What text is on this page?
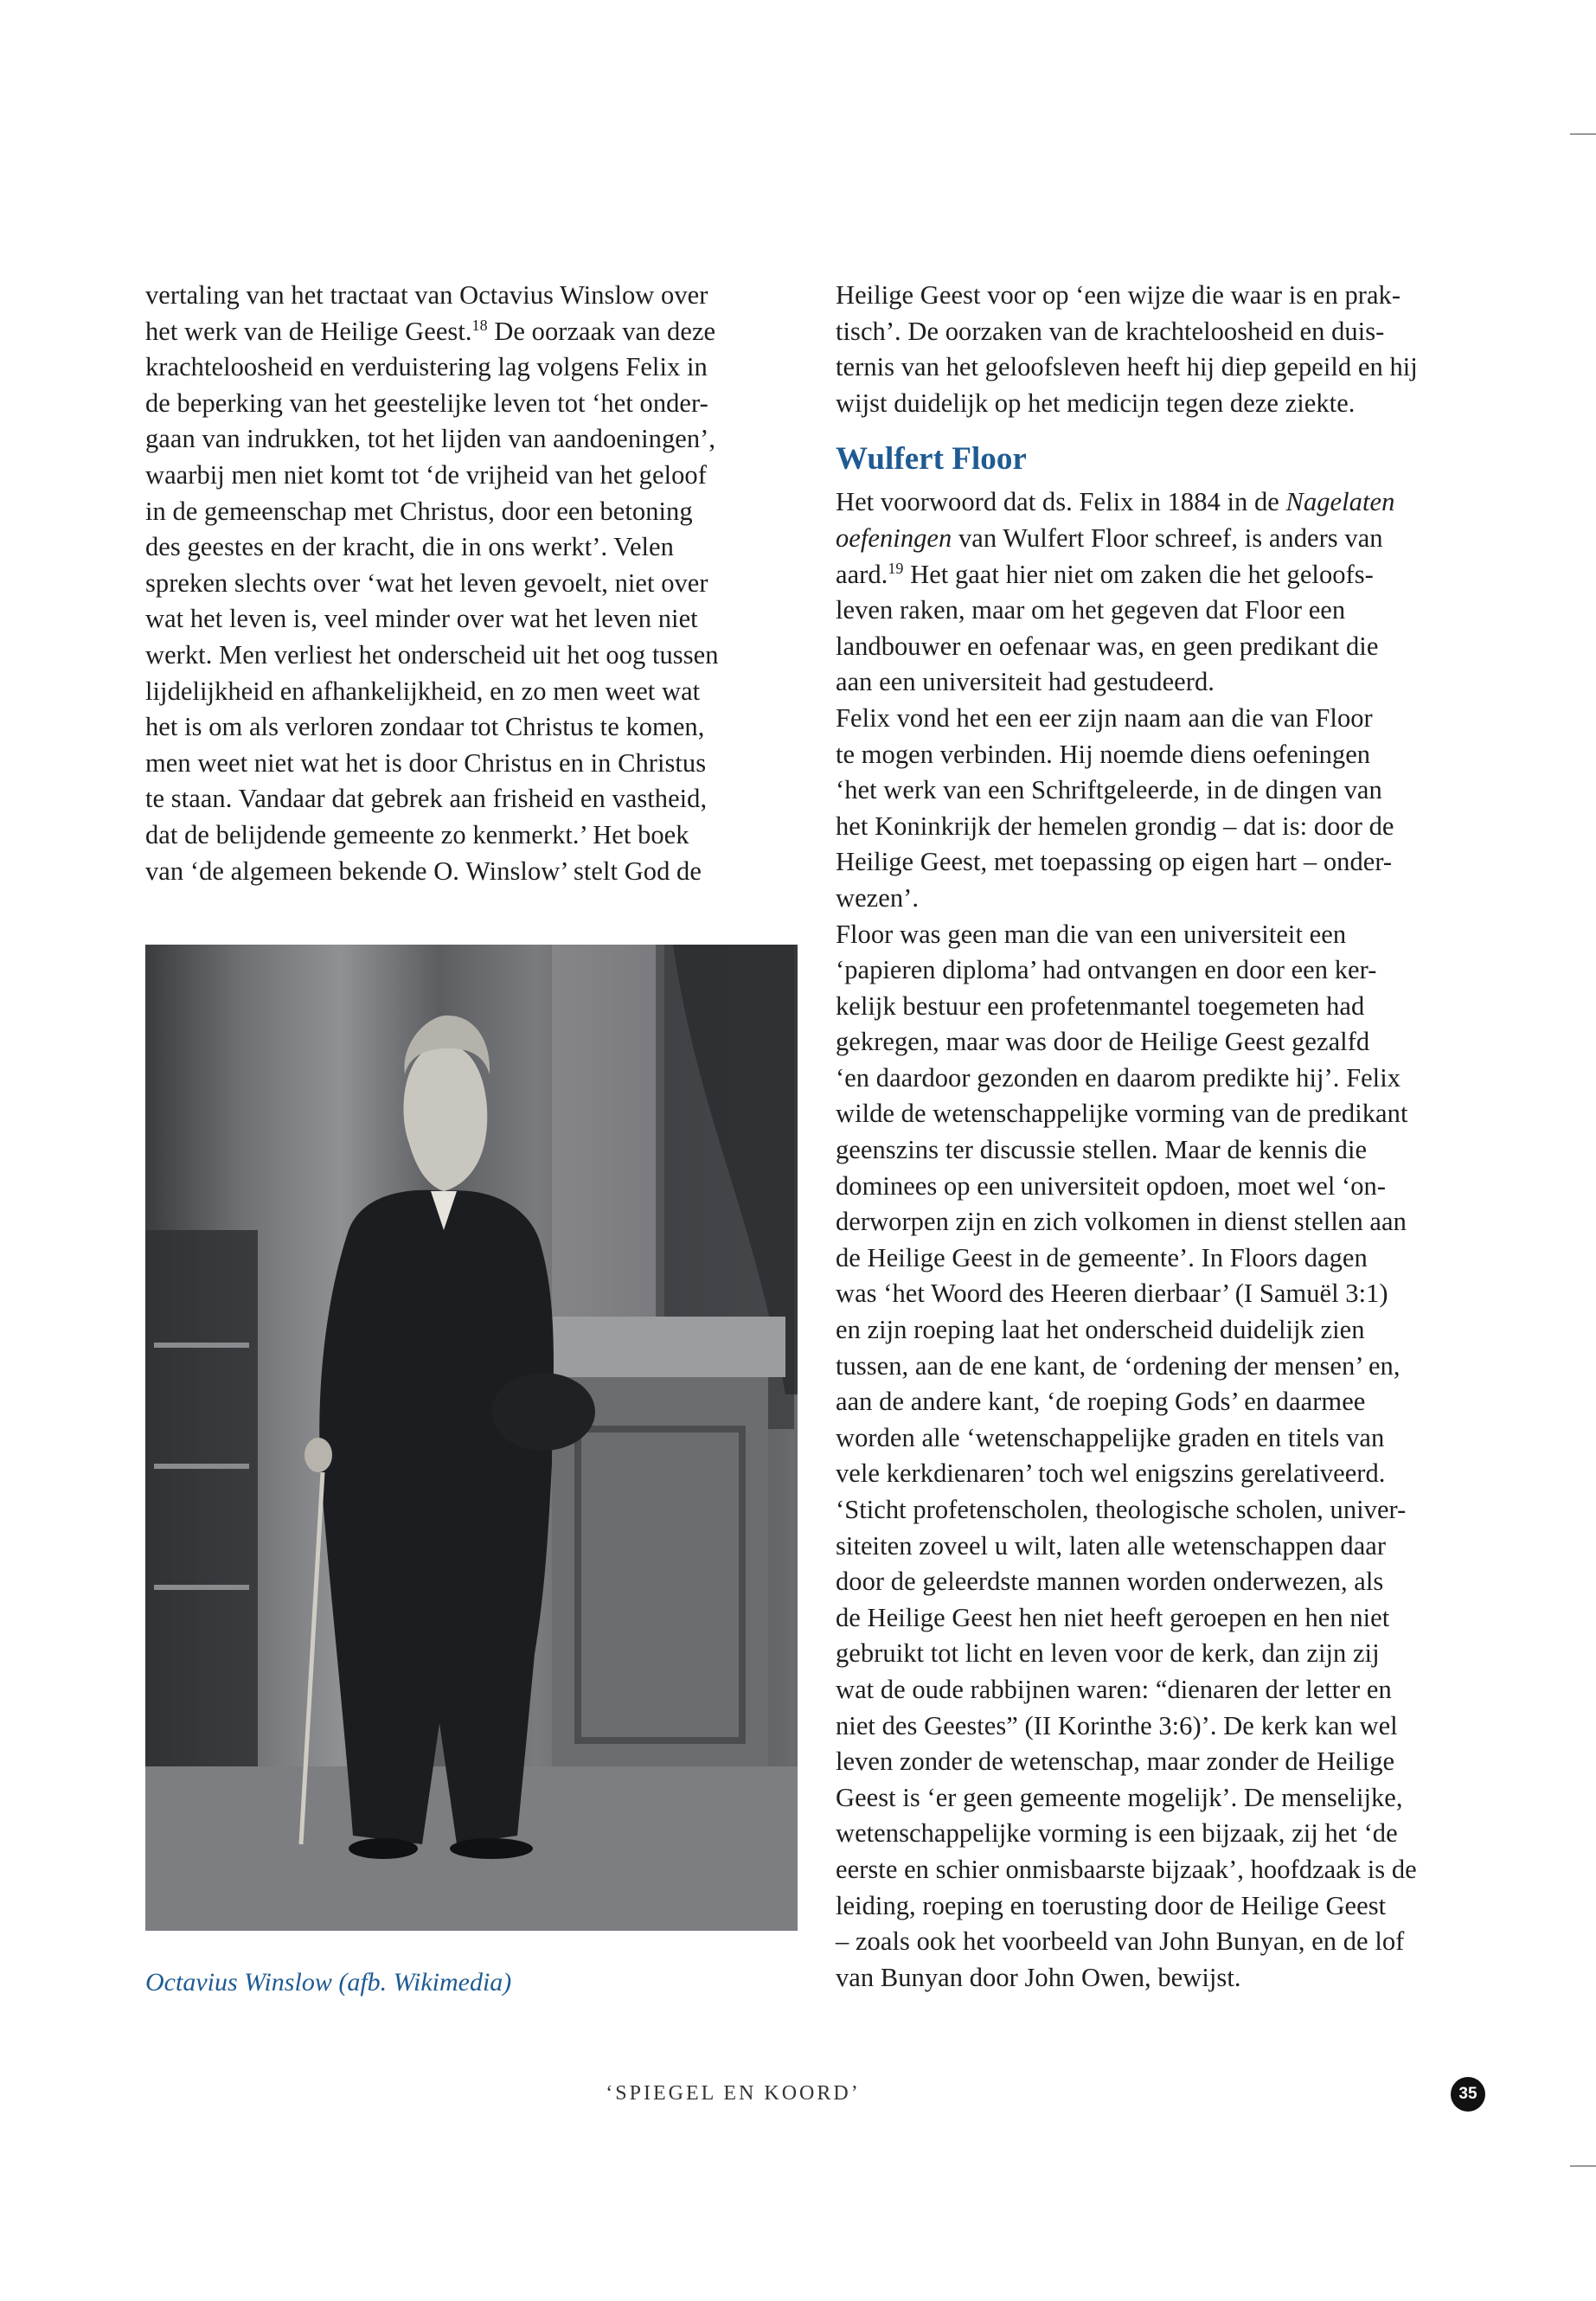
vertaling van het tractaat van Octavius Winslow over
het werk van de Heilige Geest.$^{18}$ De oorzaak van deze
krachteloosheid en verduistering lag volgens Felix in
de beperking van het geestelijke leven tot ‘het onder-
gaan van indrukken, tot het lijden van aandoeningen’,
waarbij men niet komt tot ‘de vrijheid van het geloof
in de gemeenschap met Christus, door een betoning
des geestes en der kracht, die in ons werkt’. Velen
spreken slechts over ‘wat het leven gevoelt, niet over
wat het leven is, veel minder over wat het leven niet
werkt. Men verliest het onderscheid uit het oog tussen
lijdelijkheid en afhankelijkheid, en zo men weet wat
het is om als verloren zondaar tot Christus te komen,
men weet niet wat het is door Christus en in Christus
te staan. Vandaar dat gebrek aan frisheid en vastheid,
dat de belijdende gemeente zo kenmerkt.’ Het boek
van ‘de algemeen bekende O. Winslow’ stelt God de

Octavius Winslow (afb. Wikimedia)

Heilige Geest voor op ‘een wijze die waar is en prak-
tisch’. De oorzaken van de krachteloosheid en duis-
ternis van het geloofsleven heeft hij diep gepeild en hij
wijst duidelijk op het medicijn tegen deze ziekte.

Wulfert Floor

Het voorwoord dat ds. Felix in 1884 in de Nagelaten
oefeningen van Wulfert Floor schreef, is anders van
aard.$^{19}$ Het gaat hier niet om zaken die het geloofs-
leven raken, maar om het gegeven dat Floor een
landbouwer en oefenaar was, en geen predikant die
aan een universiteit had gestudeerd.

Felix vond het een eer zijn naam aan die van Floor
te mogen verbinden. Hij noemde diens oefeningen
‘het werk van een Schriftgeleerde, in de dingen van
het Koninkrijk der hemelen grondig – dat is: door de
Heilige Geest, met toepassing op eigen hart – onder-
wezen’.

Floor was geen man die van een universiteit een
‘papieren diploma’ had ontvangen en door een ker-
kelijk bestuur een profetenmantel toegemeten had
gekregen, maar was door de Heilige Geest gezalfd
‘en daardoor gezonden en daarom predikte hij’. Felix
wilde de wetenschappelijke vorming van de predikant
geenszins ter discussie stellen. Maar de kennis die
dominees op een universiteit opdoen, moet wel ‘on-
derworpen zijn en zich volkomen in dienst stellen aan
de Heilige Geest in de gemeente’. In Floors dagen
was ‘het Woord des Heeren dierbaar’ (I Samuël 3:1)
en zijn roeping laat het onderscheid duidelijk zien
tussen, aan de ene kant, de ‘ordening der mensen’ en,
aan de andere kant, ‘de roeping Gods’ en daarmee
worden alle ‘wetenschappelijke graden en titels van
vele kerkdienaren’ toch wel enigszins gerelativeerd.
‘Sticht profetenscholen, theologische scholen, univer-
siteiten zoveel u wilt, laten alle wetenschappen daar
door de geleerdste mannen worden onderwezen, als
de Heilige Geest hen niet heeft geroepen en hen niet
gebruikt tot licht en leven voor de kerk, dan zijn zij
wat de oude rabbijnen waren: “dienaren der letter en
niet des Geestes” (II Korinthe 3:6)’. De kerk kan wel
leven zonder de wetenschap, maar zonder de Heilige
Geest is ‘er geen gemeente mogelijk’. De menselijke,
wetenschappelijke vorming is een bijzaak, zij het ‘de
eerste en schier onmisbaarste bijzaak’, hoofdzaak is de
leiding, roeping en toerusting door de Heilige Geest
– zoals ook het voorbeeld van John Bunyan, en de lof
van Bunyan door John Owen, bewijst.

‘SPIEGEL EN KOORD’	35
